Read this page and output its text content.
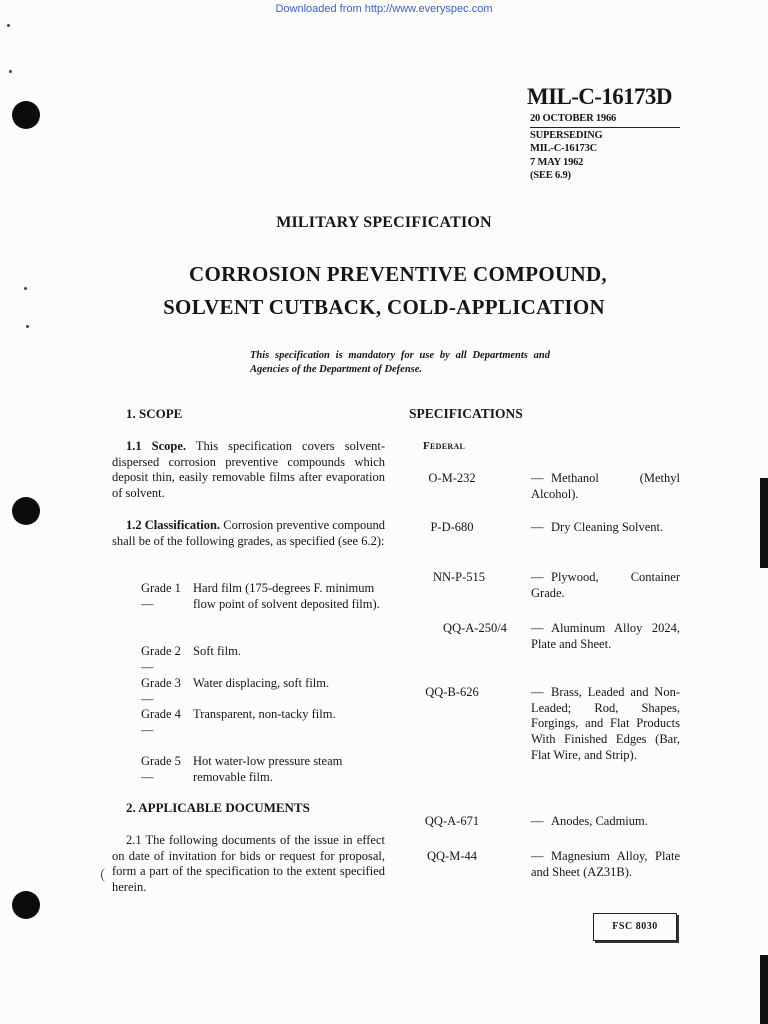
Downloaded from http://www.everyspec.com
MIL-C-16173D
20 OCTOBER 1966
SUPERSEDING
MIL-C-16173C
7 MAY 1962
(SEE 6.9)
MILITARY SPECIFICATION
CORROSION PREVENTIVE COMPOUND,
SOLVENT CUTBACK, COLD-APPLICATION
This specification is mandatory for use by all Departments and Agencies of the Department of Defense.
1. SCOPE
1.1 Scope. This specification covers solvent-dispersed corrosion preventive compounds which deposit thin, easily removable films after evaporation of solvent.
1.2 Classification. Corrosion preventive compound shall be of the following grades, as specified (see 6.2):
Grade 1 —Hard film (175-degrees F. minimum flow point of solvent deposited film).
Grade 2 —Soft film.
Grade 3 —Water displacing, soft film.
Grade 4 —Transparent, non-tacky film.
Grade 5 —Hot water-low pressure steam removable film.
2. APPLICABLE DOCUMENTS
2.1 The following documents of the issue in effect on date of invitation for bids or request for proposal, form a part of the specification to the extent specified herein.
SPECIFICATIONS
Federal
O-M-232	— Methanol (Methyl Alcohol).
P-D-680	— Dry Cleaning Solvent.
NN-P-515	— Plywood, Container Grade.
QQ-A-250/4	— Aluminum Alloy 2024, Plate and Sheet.
QQ-B-626	— Brass, Leaded and Non-Leaded; Rod, Shapes, Forgings, and Flat Products With Finished Edges (Bar, Flat Wire, and Strip).
QQ-A-671	— Anodes, Cadmium.
QQ-M-44	— Magnesium Alloy, Plate and Sheet (AZ31B).
FSC 8030
